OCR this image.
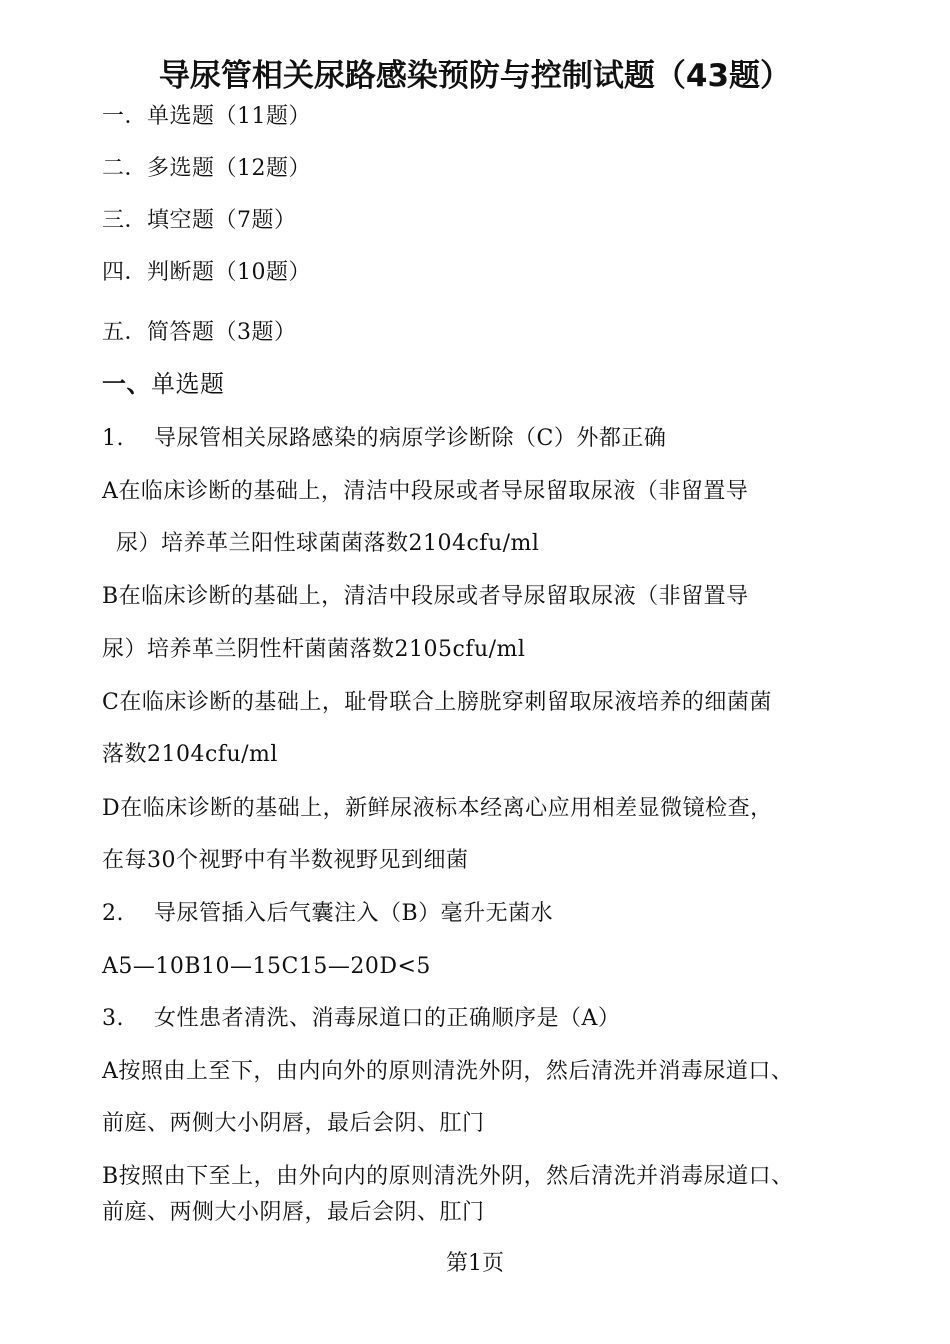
导尿管相关尿路感染预防与控制试题（43题）
一．单选题（11题）
二．多选题（12题）
三．填空题（7题）
四．判断题（10题）
五．简答题（3题）
一、单选题
1. 导尿管相关尿路感染的病原学诊断除（C）外都正确
A在临床诊断的基础上，清洁中段尿或者导尿留取尿液（非留置导
尿）培养革兰阳性球菌菌落数2104cfu/ml
B在临床诊断的基础上，清洁中段尿或者导尿留取尿液（非留置导
尿）培养革兰阴性杆菌菌落数2105cfu/ml
C在临床诊断的基础上，耻骨联合上膀胱穿刺留取尿液培养的细菌菌
落数2104cfu/ml
D在临床诊断的基础上，新鲜尿液标本经离心应用相差显微镜检查，
在每30个视野中有半数视野见到细菌
2. 导尿管插入后气囊注入（B）毫升无菌水
A5—10B10—15C15—20D<5
3. 女性患者清洗、消毒尿道口的正确顺序是（A）
A按照由上至下，由内向外的原则清洗外阴，然后清洗并消毒尿道口、
前庭、两侧大小阴唇，最后会阴、肛门
B按照由下至上，由外向内的原则清洗外阴，然后清洗并消毒尿道口、
前庭、两侧大小阴唇，最后会阴、肛门
第1页
